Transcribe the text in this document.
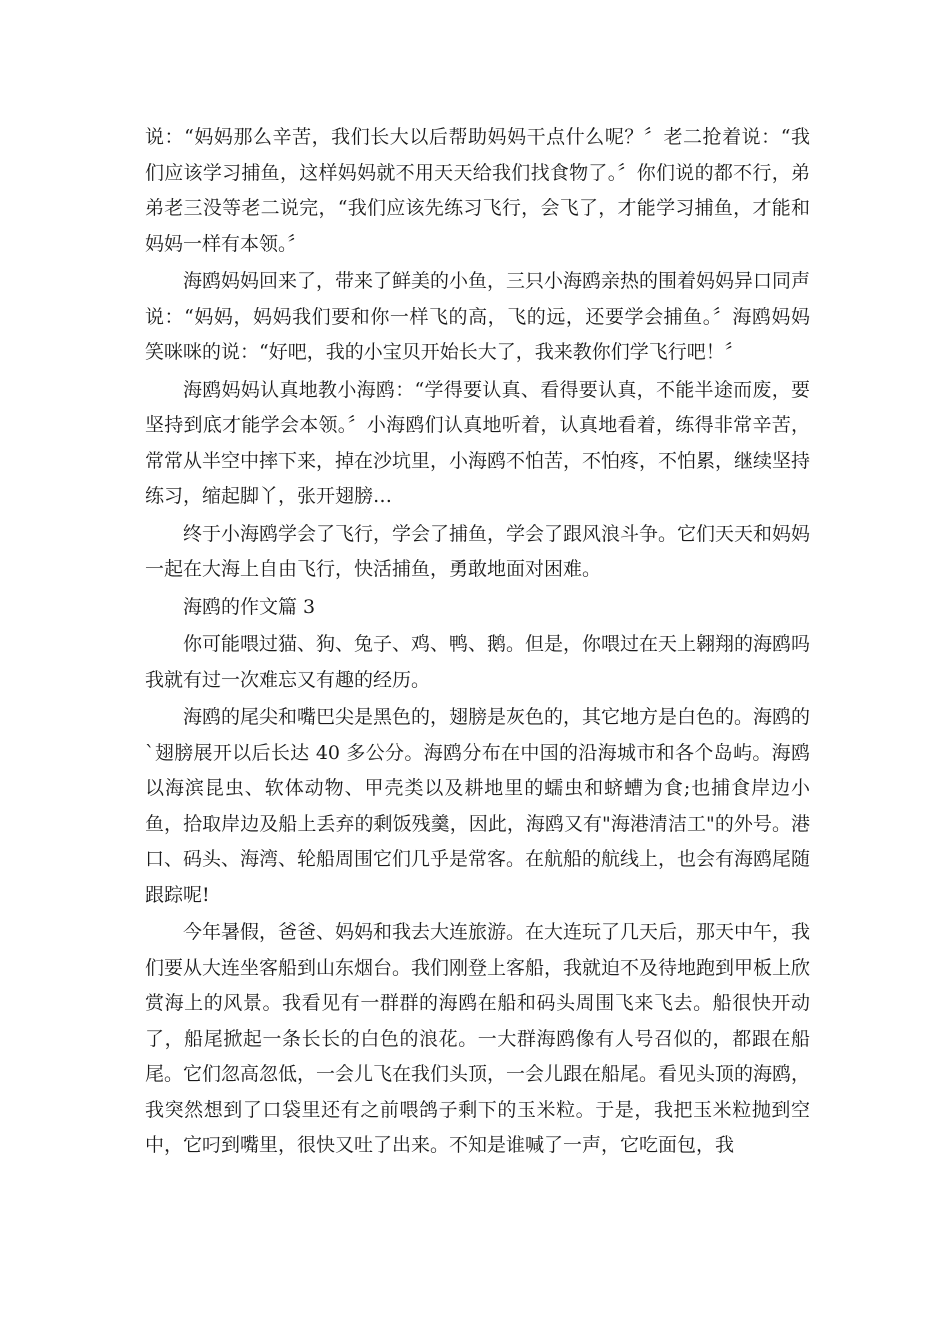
说：“妈妈那么辛苦，我们长大以后帮助妈妈干点什么呢？〞老二抢着说：“我们应该学习捕鱼，这样妈妈就不用天天给我们找食物了。〞你们说的都不行，弟弟老三没等老二说完，“我们应该先练习飞行，会飞了，才能学习捕鱼，才能和妈妈一样有本领。〞

海鸥妈妈回来了，带来了鲜美的小鱼，三只小海鸥亲热的围着妈妈异口同声说：“妈妈，妈妈我们要和你一样飞的高，飞的远，还要学会捕鱼。〞海鸥妈妈笑咪咪的说：“好吧，我的小宝贝开始长大了，我来教你们学飞行吧！〞

海鸥妈妈认真地教小海鸥：“学得要认真、看得要认真，不能半途而废，要坚持到底才能学会本领。〞小海鸥们认真地听着，认真地看着，练得非常辛苦，常常从半空中摔下来，掉在沙坑里，小海鸥不怕苦，不怕疼，不怕累，继续坚持练习，缩起脚丫，张开翅膀…

终于小海鸥学会了飞行，学会了捕鱼，学会了跟风浪斗争。它们天天和妈妈一起在大海上自由飞行，快活捕鱼，勇敢地面对困难。

海鸥的作文篇 3

你可能喂过猫、狗、兔子、鸡、鸭、鹅。但是，你喂过在天上翱翔的海鸥吗我就有过一次难忘又有趣的经历。

海鸥的尾尖和嘴巴尖是黑色的，翅膀是灰色的，其它地方是白色的。海鸥的`翅膀展开以后长达 40 多公分。海鸥分布在中国的沿海城市和各个岛屿。海鸥以海滨昆虫、软体动物、甲壳类以及耕地里的蠕虫和蛴螬为食;也捕食岸边小鱼，拾取岸边及船上丢弃的剩饭残羹，因此，海鸥又有"海港清洁工"的外号。港口、码头、海湾、轮船周围它们几乎是常客。在航船的航线上，也会有海鸥尾随跟踪呢!

今年暑假，爸爸、妈妈和我去大连旅游。在大连玩了几天后，那天中午，我们要从大连坐客船到山东烟台。我们刚登上客船，我就迫不及待地跑到甲板上欣赏海上的风景。我看见有一群群的海鸥在船和码头周围飞来飞去。船很快开动了，船尾掀起一条长长的白色的浪花。一大群海鸥像有人号召似的，都跟在船尾。它们忽高忽低，一会儿飞在我们头顶，一会儿跟在船尾。看见头顶的海鸥，我突然想到了口袋里还有之前喂鸽子剩下的玉米粒。于是，我把玉米粒抛到空中，它叼到嘴里，很快又吐了出来。不知是谁喊了一声，它吃面包，我
